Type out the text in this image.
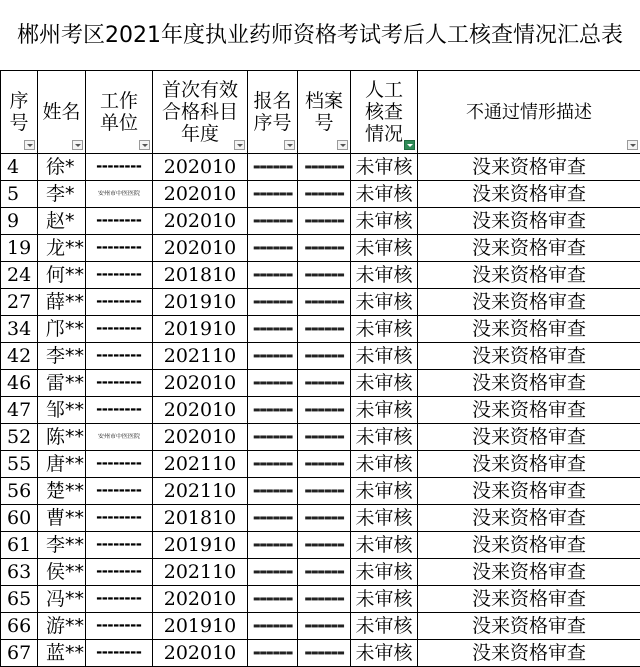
郴州考区2021年度执业药师资格考试考后人工核查情况汇总表
序号	姓名	工作单位	首次有效合格科目年度	报名序号	档案号	人工核查情况	不通过情形描述

4	徐*	▬▬▬▬▬▬▬▬	202010	▬▬▬▬▬▬	▬▬▬▬▬▬	未审核	没来资格审查
5	李*	安州市中医医院	202010	▬▬▬▬▬▬	▬▬▬▬▬▬	未审核	没来资格审查
9	赵*	▬▬▬▬▬▬▬▬	202010	▬▬▬▬▬▬	▬▬▬▬▬▬	未审核	没来资格审查
19	龙**	▬▬▬▬▬▬▬▬	202010	▬▬▬▬▬▬	▬▬▬▬▬▬	未审核	没来资格审查
24	何**	▬▬▬▬▬▬▬▬	201810	▬▬▬▬▬▬	▬▬▬▬▬▬	未审核	没来资格审查
27	薛**	▬▬▬▬▬▬▬▬	201910	▬▬▬▬▬▬	▬▬▬▬▬▬	未审核	没来资格审查
34	邝**	▬▬▬▬▬▬▬▬	201910	▬▬▬▬▬▬	▬▬▬▬▬▬	未审核	没来资格审查
42	李**	▬▬▬▬▬▬▬▬	202110	▬▬▬▬▬▬	▬▬▬▬▬▬	未审核	没来资格审查
46	雷**	▬▬▬▬▬▬▬▬	202010	▬▬▬▬▬▬	▬▬▬▬▬▬	未审核	没来资格审查
47	邹**	▬▬▬▬▬▬▬▬	202010	▬▬▬▬▬▬	▬▬▬▬▬▬	未审核	没来资格审查
52	陈**	安州市中医医院	202010	▬▬▬▬▬▬	▬▬▬▬▬▬	未审核	没来资格审查
55	唐**	▬▬▬▬▬▬▬▬	202110	▬▬▬▬▬▬	▬▬▬▬▬▬	未审核	没来资格审查
56	楚**	▬▬▬▬▬▬▬▬	202110	▬▬▬▬▬▬	▬▬▬▬▬▬	未审核	没来资格审查
60	曹**	▬▬▬▬▬▬▬▬	201810	▬▬▬▬▬▬	▬▬▬▬▬▬	未审核	没来资格审查
61	李**	▬▬▬▬▬▬▬▬	201910	▬▬▬▬▬▬	▬▬▬▬▬▬	未审核	没来资格审查
63	侯**	▬▬▬▬▬▬▬▬	202110	▬▬▬▬▬▬	▬▬▬▬▬▬	未审核	没来资格审查
65	冯**	▬▬▬▬▬▬▬▬	202010	▬▬▬▬▬▬	▬▬▬▬▬▬	未审核	没来资格审查
66	游**	▬▬▬▬▬▬▬▬	201910	▬▬▬▬▬▬	▬▬▬▬▬▬	未审核	没来资格审查
67	蓝**	▬▬▬▬▬▬▬▬	202010	▬▬▬▬▬▬	▬▬▬▬▬▬	未审核	没来资格审查
